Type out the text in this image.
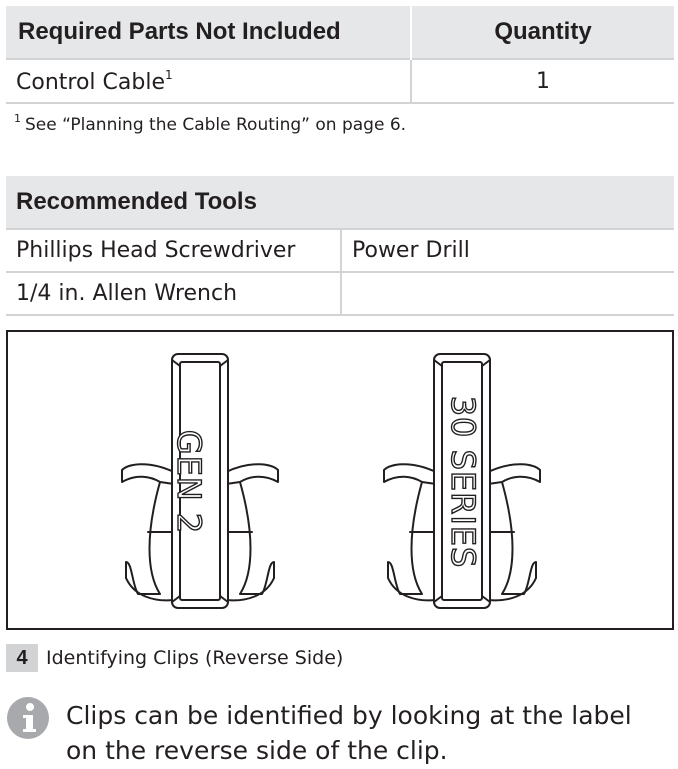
Required Parts Not Included	Quantity
Control Cable$^1$	1
$^1$ See “Planning the Cable Routing” on page 6.
Recommended Tools	
Phillips Head Screwdriver	Power Drill
1/4 in. Allen Wrench	
GEN 2	30 SERIES
4 Identifying Clips (Reverse Side)
Clips can be identified by looking at the label on the reverse side of the clip.
